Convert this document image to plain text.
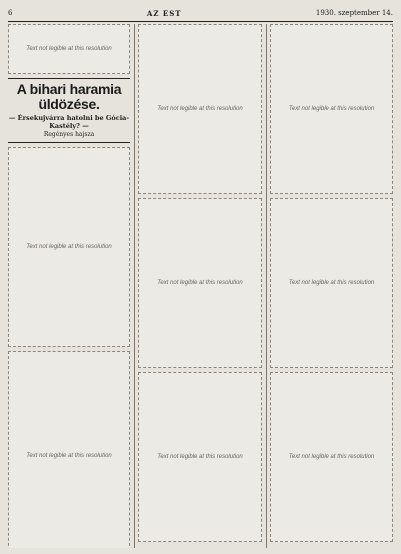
6	AZ EST	1930. szeptember 14.
Text not legible at this resolution
A bihari haramia üldözése.
— Érsekujvárra hatolni be Gócia-Kastély? —
Regényes hajsza
Text not legible at this resolution
Text not legible at this resolution
Text not legible at this resolution
Text not legible at this resolution
Text not legible at this resolution
Text not legible at this resolution
Text not legible at this resolution
Text not legible at this resolution
